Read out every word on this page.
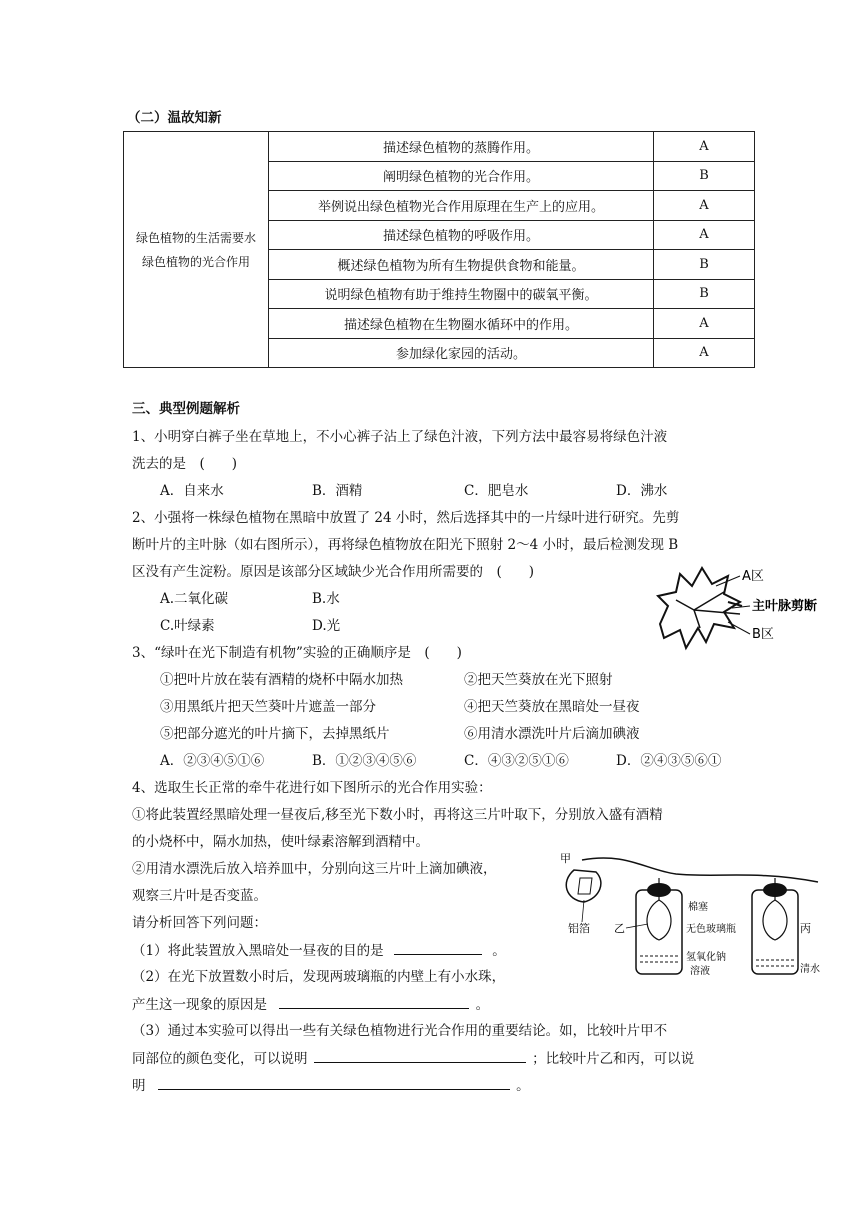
（二）温故知新
绿色植物的生活需要水绿色植物的光合作用	描述绿色植物的蒸腾作用。	A
	阐明绿色植物的光合作用。	B
	举例说出绿色植物光合作用原理在生产上的应用。	A
	描述绿色植物的呼吸作用。	A
	概述绿色植物为所有生物提供食物和能量。	B
	说明绿色植物有助于维持生物圈中的碳氧平衡。	B
	描述绿色植物在生物圈水循环中的作用。	A
	参加绿化家园的活动。	A
三、典型例题解析
1、小明穿白裤子坐在草地上，不小心裤子沾上了绿色汁液，下列方法中最容易将绿色汁液
洗去的是　(　　)
A．自来水	B．酒精	C．肥皂水	D．沸水
2、小强将一株绿色植物在黑暗中放置了 24 小时，然后选择其中的一片绿叶进行研究。先剪
断叶片的主叶脉（如右图所示），再将绿色植物放在阳光下照射 2～4 小时，最后检测发现 B
区没有产生淀粉。原因是该部分区域缺少光合作用所需要的　(　　)
A.二氧化碳	B.水
C.叶绿素	D.光
A区
主叶脉剪断
B区
3、“绿叶在光下制造有机物”实验的正确顺序是　(　　)
①把叶片放在装有酒精的烧杯中隔水加热	②把天竺葵放在光下照射
③用黑纸片把天竺葵叶片遮盖一部分	④把天竺葵放在黑暗处一昼夜
⑤把部分遮光的叶片摘下，去掉黑纸片	⑥用清水漂洗叶片后滴加碘液
A．②③④⑤①⑥	B．①②③④⑤⑥	C．④③②⑤①⑥	D．②④③⑤⑥①
4、选取生长正常的牵牛花进行如下图所示的光合作用实验：
①将此装置经黑暗处理一昼夜后,移至光下数小时，再将这三片叶取下，分别放入盛有酒精
的小烧杯中，隔水加热，使叶绿素溶解到酒精中。
②用清水漂洗后放入培养皿中，分别向这三片叶上滴加碘液，
观察三片叶是否变蓝。
请分析回答下列问题：
（1）将此装置放入黑暗处一昼夜的目的是	。
（2）在光下放置数小时后，发现两玻璃瓶的内壁上有小水珠，
产生这一现象的原因是	。
（3）通过本实验可以得出一些有关绿色植物进行光合作用的重要结论。如，比较叶片甲不
同部位的颜色变化，可以说明	；比较叶片乙和丙，可以说
明	。
甲
铝箔 乙	丙
棉塞
无色玻璃瓶
氢氧化钠
溶液	清水
